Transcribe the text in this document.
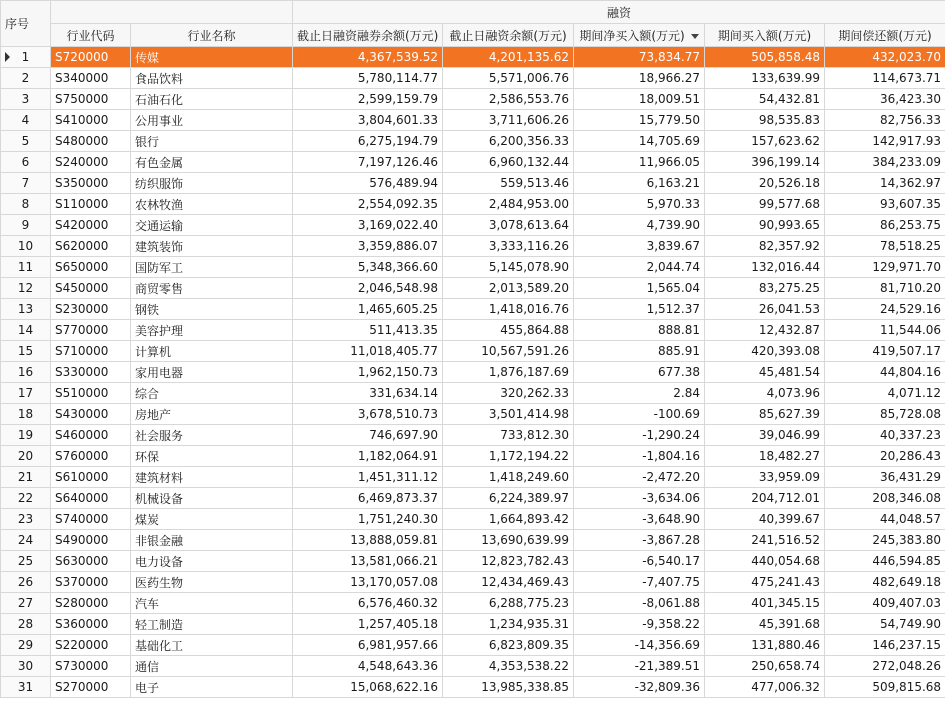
序号			融资				
	行业代码	行业名称	截止日融资融券余额(万元)	截止日融资余额(万元)	期间净买入额(万元)	期间买入额(万元)	期间偿还额(万元)

1	S720000	传媒	4,367,539.52	4,201,135.62	73,834.77	505,858.48	432,023.70
2	S340000	食品饮料	5,780,114.77	5,571,006.76	18,966.27	133,639.99	114,673.71
3	S750000	石油石化	2,599,159.79	2,586,553.76	18,009.51	54,432.81	36,423.30
4	S410000	公用事业	3,804,601.33	3,711,606.26	15,779.50	98,535.83	82,756.33
5	S480000	银行	6,275,194.79	6,200,356.33	14,705.69	157,623.62	142,917.93
6	S240000	有色金属	7,197,126.46	6,960,132.44	11,966.05	396,199.14	384,233.09
7	S350000	纺织服饰	576,489.94	559,513.46	6,163.21	20,526.18	14,362.97
8	S110000	农林牧渔	2,554,092.35	2,484,953.00	5,970.33	99,577.68	93,607.35
9	S420000	交通运输	3,169,022.40	3,078,613.64	4,739.90	90,993.65	86,253.75
10	S620000	建筑装饰	3,359,886.07	3,333,116.26	3,839.67	82,357.92	78,518.25
11	S650000	国防军工	5,348,366.60	5,145,078.90	2,044.74	132,016.44	129,971.70
12	S450000	商贸零售	2,046,548.98	2,013,589.20	1,565.04	83,275.25	81,710.20
13	S230000	钢铁	1,465,605.25	1,418,016.76	1,512.37	26,041.53	24,529.16
14	S770000	美容护理	511,413.35	455,864.88	888.81	12,432.87	11,544.06
15	S710000	计算机	11,018,405.77	10,567,591.26	885.91	420,393.08	419,507.17
16	S330000	家用电器	1,962,150.73	1,876,187.69	677.38	45,481.54	44,804.16
17	S510000	综合	331,634.14	320,262.33	2.84	4,073.96	4,071.12
18	S430000	房地产	3,678,510.73	3,501,414.98	-100.69	85,627.39	85,728.08
19	S460000	社会服务	746,697.90	733,812.30	-1,290.24	39,046.99	40,337.23
20	S760000	环保	1,182,064.91	1,172,194.22	-1,804.16	18,482.27	20,286.43
21	S610000	建筑材料	1,451,311.12	1,418,249.60	-2,472.20	33,959.09	36,431.29
22	S640000	机械设备	6,469,873.37	6,224,389.97	-3,634.06	204,712.01	208,346.08
23	S740000	煤炭	1,751,240.30	1,664,893.42	-3,648.90	40,399.67	44,048.57
24	S490000	非银金融	13,888,059.81	13,690,639.99	-3,867.28	241,516.52	245,383.80
25	S630000	电力设备	13,581,066.21	12,823,782.43	-6,540.17	440,054.68	446,594.85
26	S370000	医药生物	13,170,057.08	12,434,469.43	-7,407.75	475,241.43	482,649.18
27	S280000	汽车	6,576,460.32	6,288,775.23	-8,061.88	401,345.15	409,407.03
28	S360000	轻工制造	1,257,405.18	1,234,935.31	-9,358.22	45,391.68	54,749.90
29	S220000	基础化工	6,981,957.66	6,823,809.35	-14,356.69	131,880.46	146,237.15
30	S730000	通信	4,548,643.36	4,353,538.22	-21,389.51	250,658.74	272,048.26
31	S270000	电子	15,068,622.16	13,985,338.85	-32,809.36	477,006.32	509,815.68
